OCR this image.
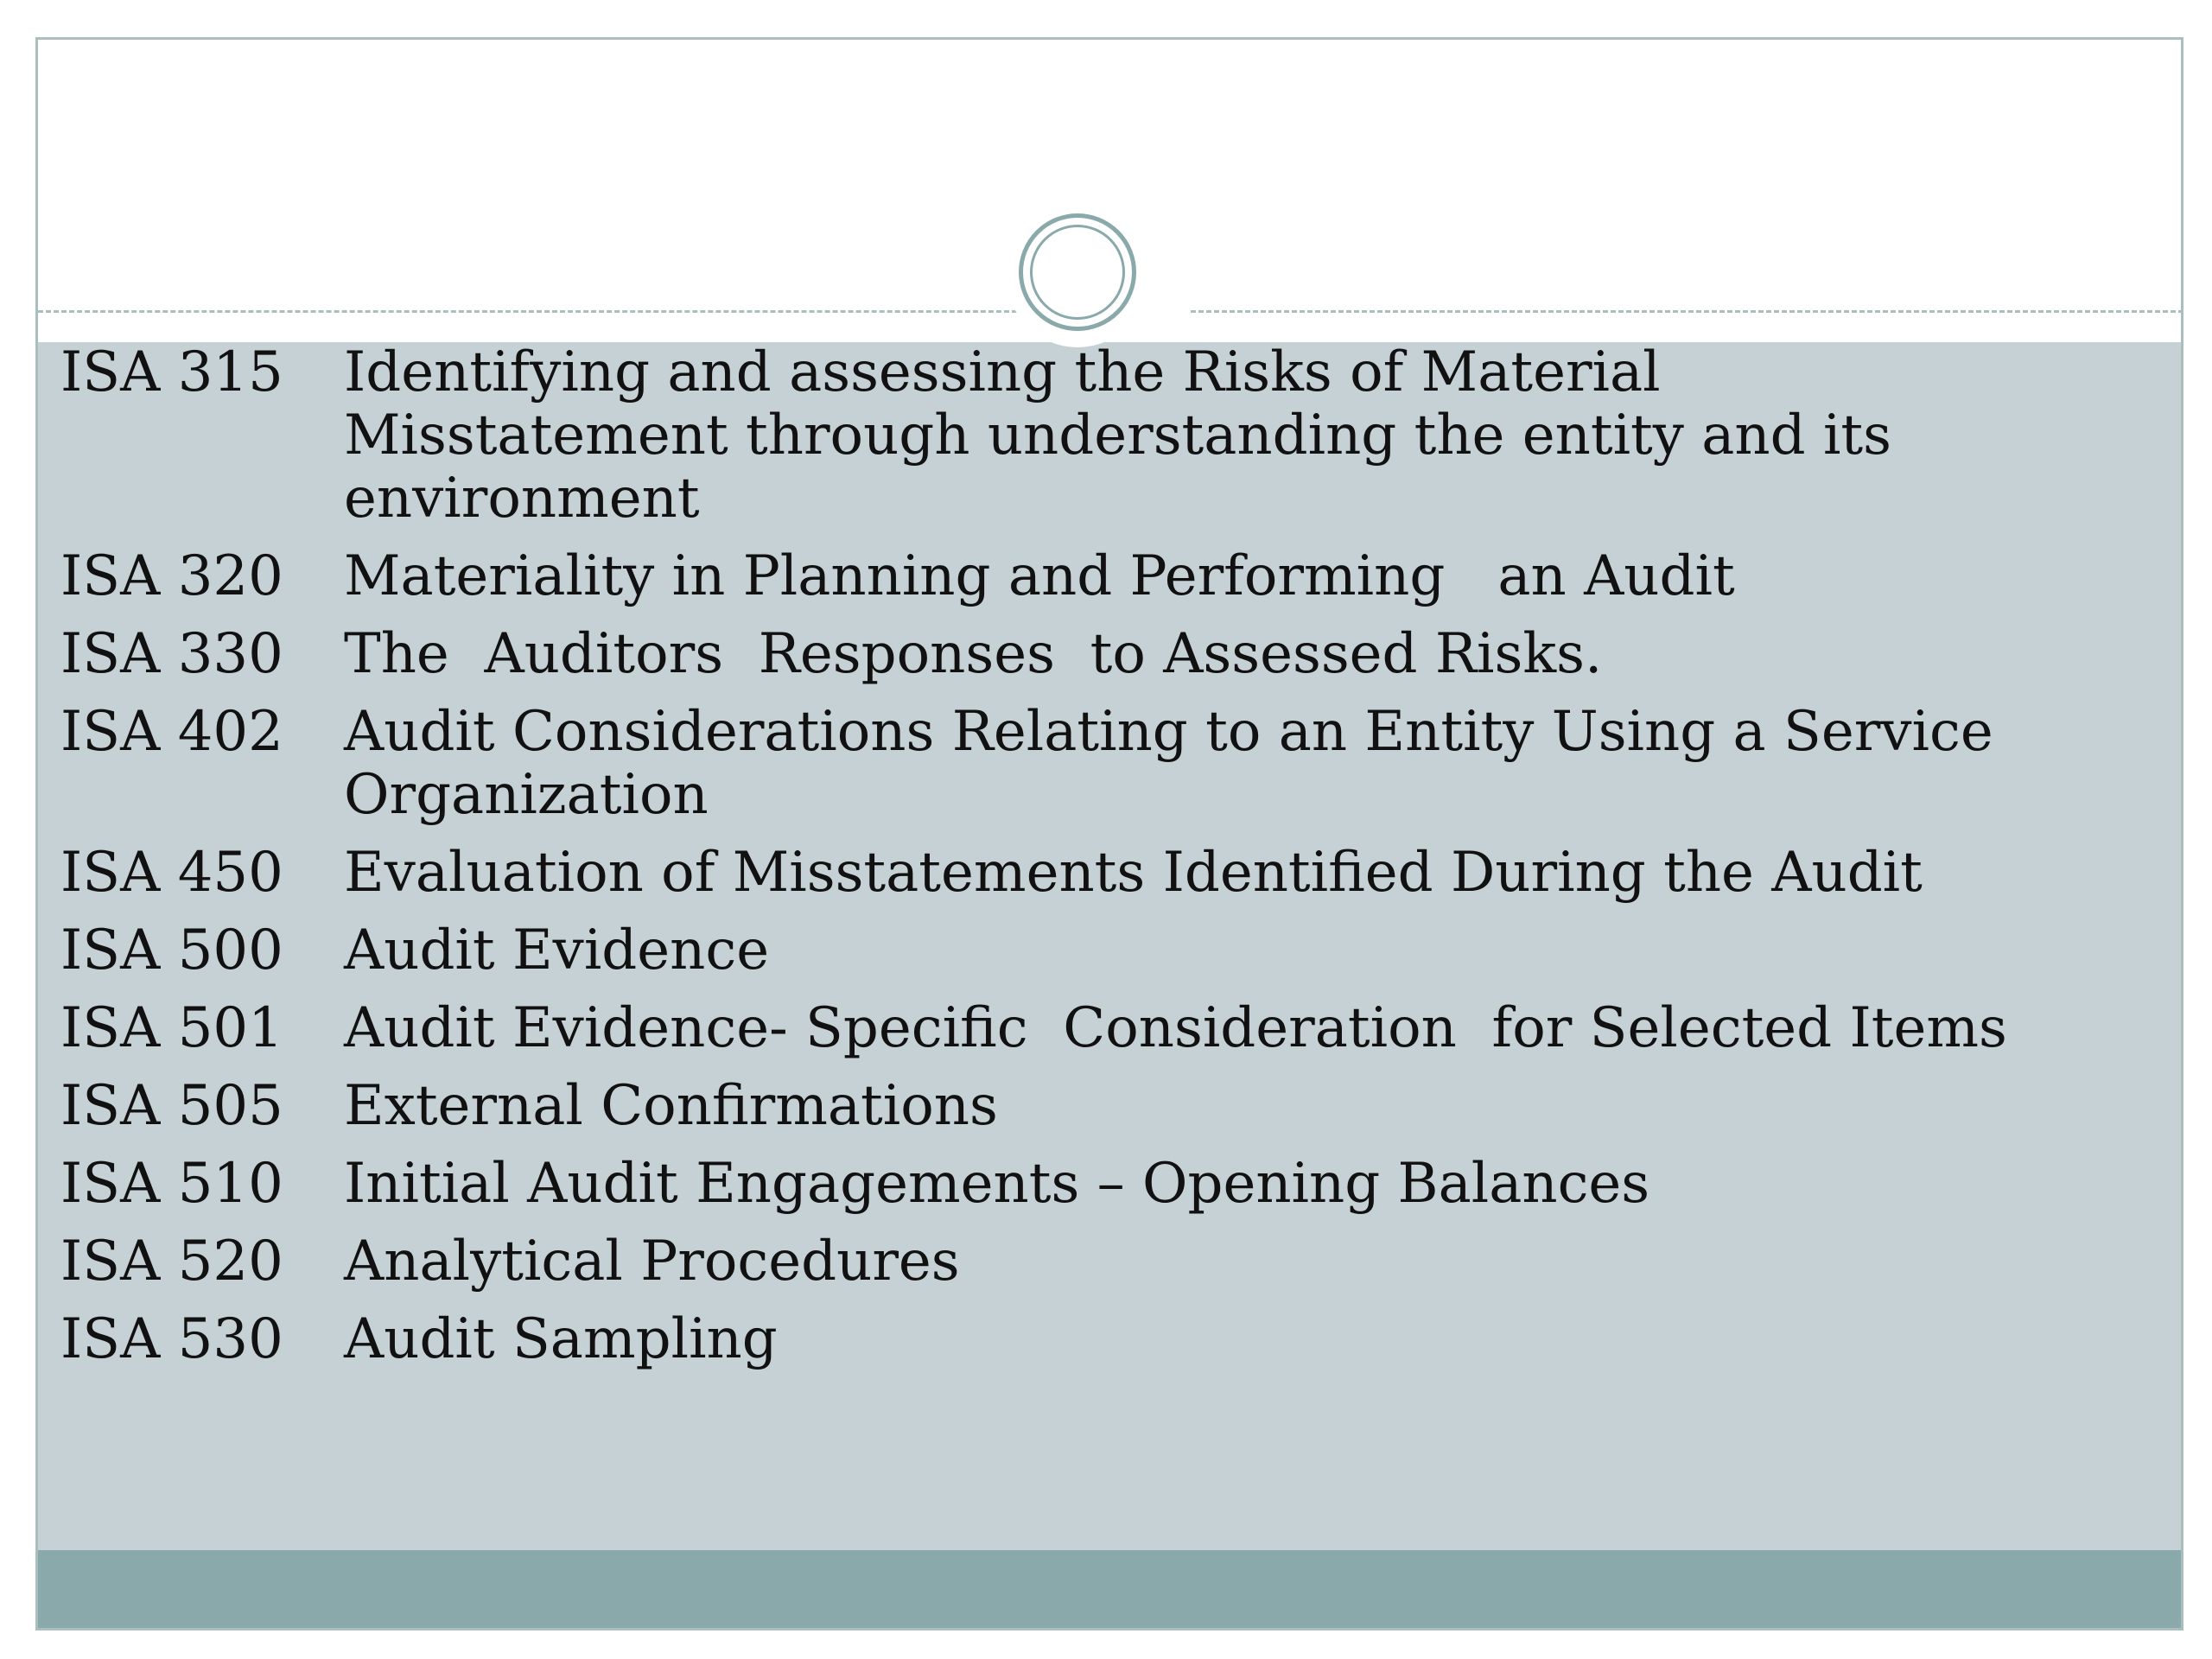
ISA 315	Identifying and assessing the Risks of Material
Misstatement through understanding the entity and its
environment
ISA 320	Materiality in Planning and Performing   an Audit
ISA 330	The  Auditors  Responses  to Assessed Risks.
ISA 402	Audit Considerations Relating to an Entity Using a Service
Organization
ISA 450	Evaluation of Misstatements Identified During the Audit
ISA 500	Audit Evidence
ISA 501	Audit Evidence- Specific  Consideration  for Selected Items
ISA 505	External Confirmations
ISA 510	Initial Audit Engagements – Opening Balances
ISA 520	Analytical Procedures
ISA 530	Audit Sampling
